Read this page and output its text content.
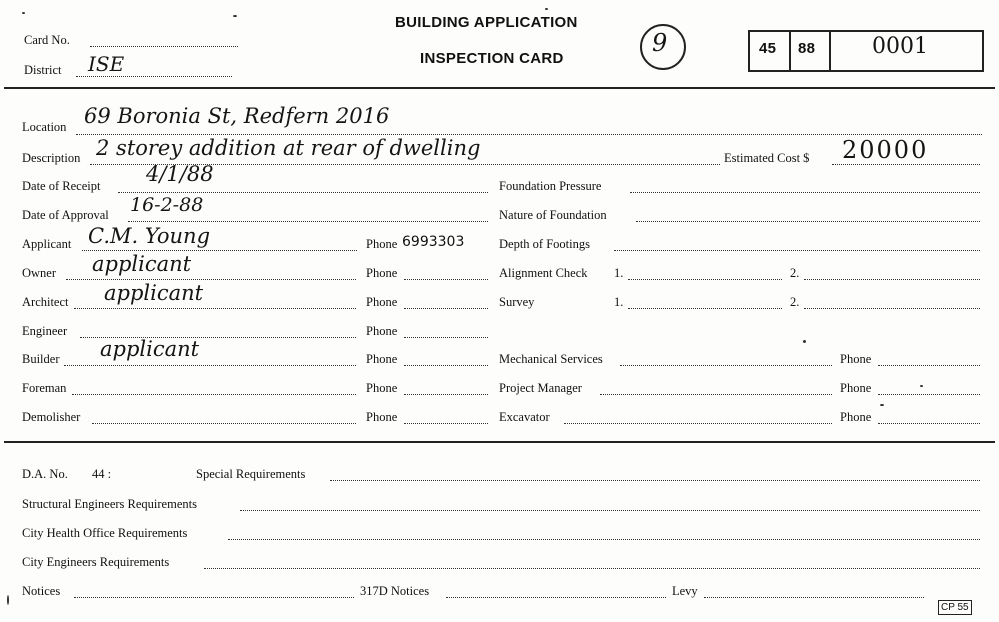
Card No.
District ISE
BUILDING APPLICATION
INSPECTION CARD
9	45 88	0001
Location 69 Boronia St, Redfern 2016
Description 2 storey addition at rear of dwelling	Estimated Cost $ 20000
Date of Receipt 4/1/88
Date of Approval 16-2-88
Applicant C.M. Young	Phone 6993303
Owner applicant	Phone
Architect applicant	Phone
Engineer	Phone
Builder applicant	Phone
Foreman	Phone
Demolisher	Phone
Foundation Pressure
Nature of Foundation
Depth of Footings
Alignment Check 1.	2.
Survey	1.	2.
Mechanical Services	Phone
Project Manager	Phone
Excavator	Phone
D.A. No. 44 :	Special Requirements
Structural Engineers Requirements
City Health Office Requirements
City Engineers Requirements
Notices	317D Notices	Levy
CP 55
